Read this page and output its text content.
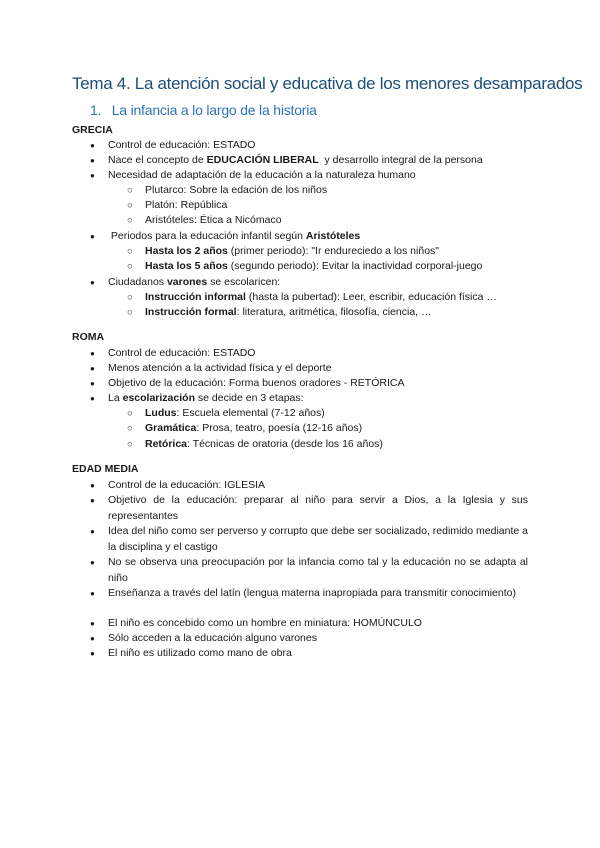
Tema 4. La atención social y educativa de los menores desamparados
1. La infancia a lo largo de la historia
GRECIA
● Control de educación: ESTADO
● Nace el concepto de EDUCACIÓN LIBERAL  y desarrollo integral de la persona
● Necesidad de adaptación de la educación a la naturaleza humano
○ Plutarco: Sobre la edación de los niños
○ Platón: República
○ Aristóteles: Ética a Nicómaco
●  Periodos para la educación infantil según Aristóteles
○ Hasta los 2 años (primer periodo): "Ir endureciedo a los niños"
○ Hasta los 5 años (segundo periodo): Evitar la inactividad corporal-juego
● Ciudadanos varones se escolaricen:
○ Instrucción informal (hasta la pubertad): Leer, escribir, educación física …
○ Instrucción formal: literatura, aritmética, filosofía, ciencia, …
ROMA
● Control de educación: ESTADO
● Menos atención a la actividad física y el deporte
● Objetivo de la educación: Forma buenos oradores - RETÓRICA
● La escolarización se decide en 3 etapas:
○ Ludus: Escuela elemental (7-12 años)
○ Gramática: Prosa, teatro, poesía (12-16 años)
○ Retórica: Técnicas de oratoria (desde los 16 años)
EDAD MEDIA
● Control de la educación: IGLESIA
● Objetivo de la educación: preparar al niño para servir a Dios, a la Iglesia y sus representantes
● Idea del niño como ser perverso y corrupto que debe ser socializado, redimido mediante a la disciplina y el castigo
● No se observa una preocupación por la infancia como tal y la educación no se adapta al niño
● Enseñanza a través del latín (lengua materna inapropiada para transmitir conocimiento)
● El niño es concebido como un hombre en miniatura: HOMÚNCULO
● Sólo acceden a la educación alguno varones
● El niño es utilizado como mano de obra
